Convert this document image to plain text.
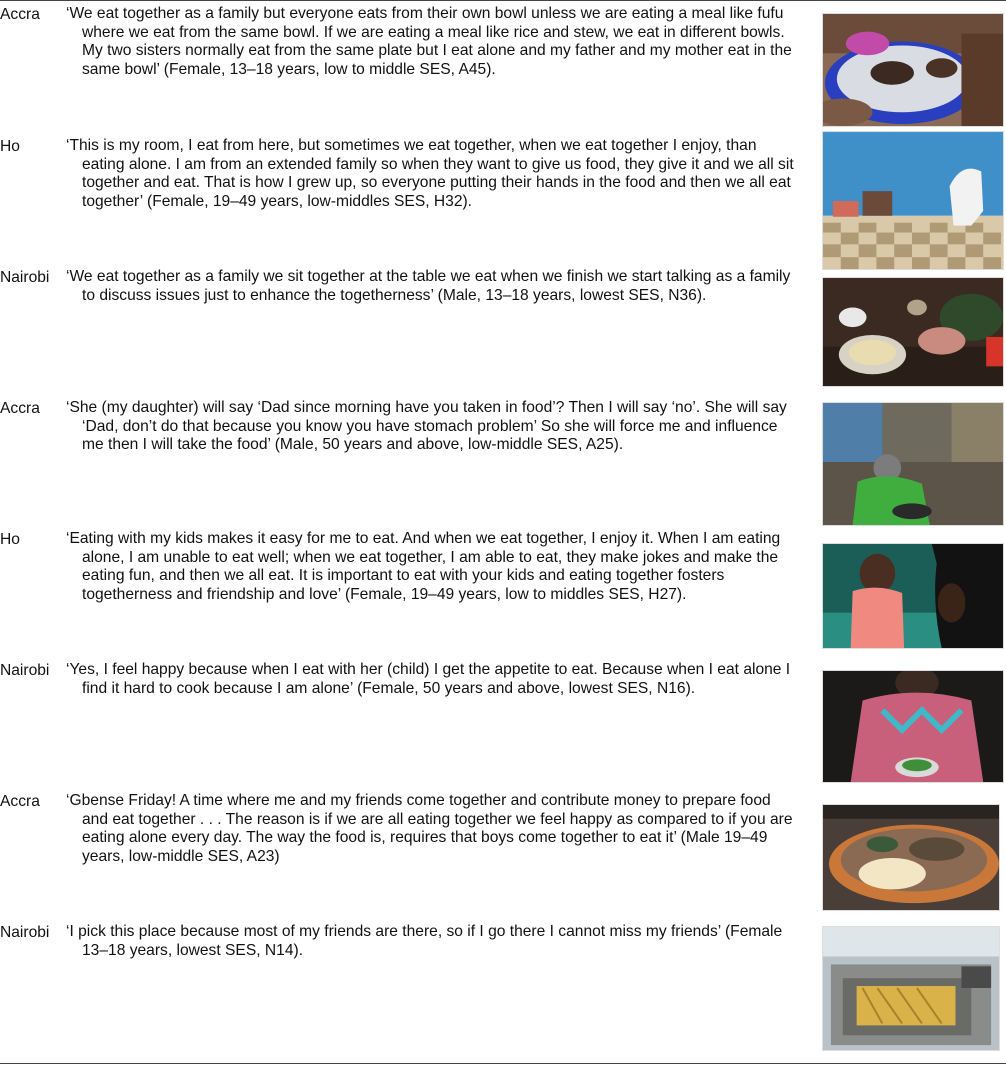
Accra ‘We eat together as a family but everyone eats from their own bowl unless we are eating a meal like fufu where we eat from the same bowl. If we are eating a meal like rice and stew, we eat in different bowls. My two sisters normally eat from the same plate but I eat alone and my father and my mother eat in the same bowl’ (Female, 13–18 years, low to middle SES, A45).
Ho	‘This is my room, I eat from here, but sometimes we eat together, when we eat together I enjoy, than eating alone. I am from an extended family so when they want to give us food, they give it and we all sit together and eat. That is how I grew up, so everyone putting their hands in the food and then we all eat together’ (Female, 19–49 years, low-middles SES, H32).
Nairobi ‘We eat together as a family we sit together at the table we eat when we finish we start talking as a family to discuss issues just to enhance the togetherness’ (Male, 13–18 years, lowest SES, N36).
Accra ‘She (my daughter) will say ‘Dad since morning have you taken in food’? Then I will say ‘no’. She will say ‘Dad, don’t do that because you know you have stomach problem’ So she will force me and influence me then I will take the food’ (Male, 50 years and above, low-middle SES, A25).
Ho	‘Eating with my kids makes it easy for me to eat. And when we eat together, I enjoy it. When I am eating alone, I am unable to eat well; when we eat together, I am able to eat, they make jokes and make the eating fun, and then we all eat. It is important to eat with your kids and eating together fosters togetherness and friendship and love’ (Female, 19–49 years, low to middles SES, H27).
Nairobi ‘Yes, I feel happy because when I eat with her (child) I get the appetite to eat. Because when I eat alone I find it hard to cook because I am alone’ (Female, 50 years and above, lowest SES, N16).
Accra ‘Gbense Friday! A time where me and my friends come together and contribute money to prepare food and eat together . . . The reason is if we are all eating together we feel happy as compared to if you are eating alone every day. The way the food is, requires that boys come together to eat it’ (Male 19–49 years, low-middle SES, A23)
Nairobi ‘I pick this place because most of my friends are there, so if I go there I cannot miss my friends’ (Female 13–18 years, lowest SES, N14).
